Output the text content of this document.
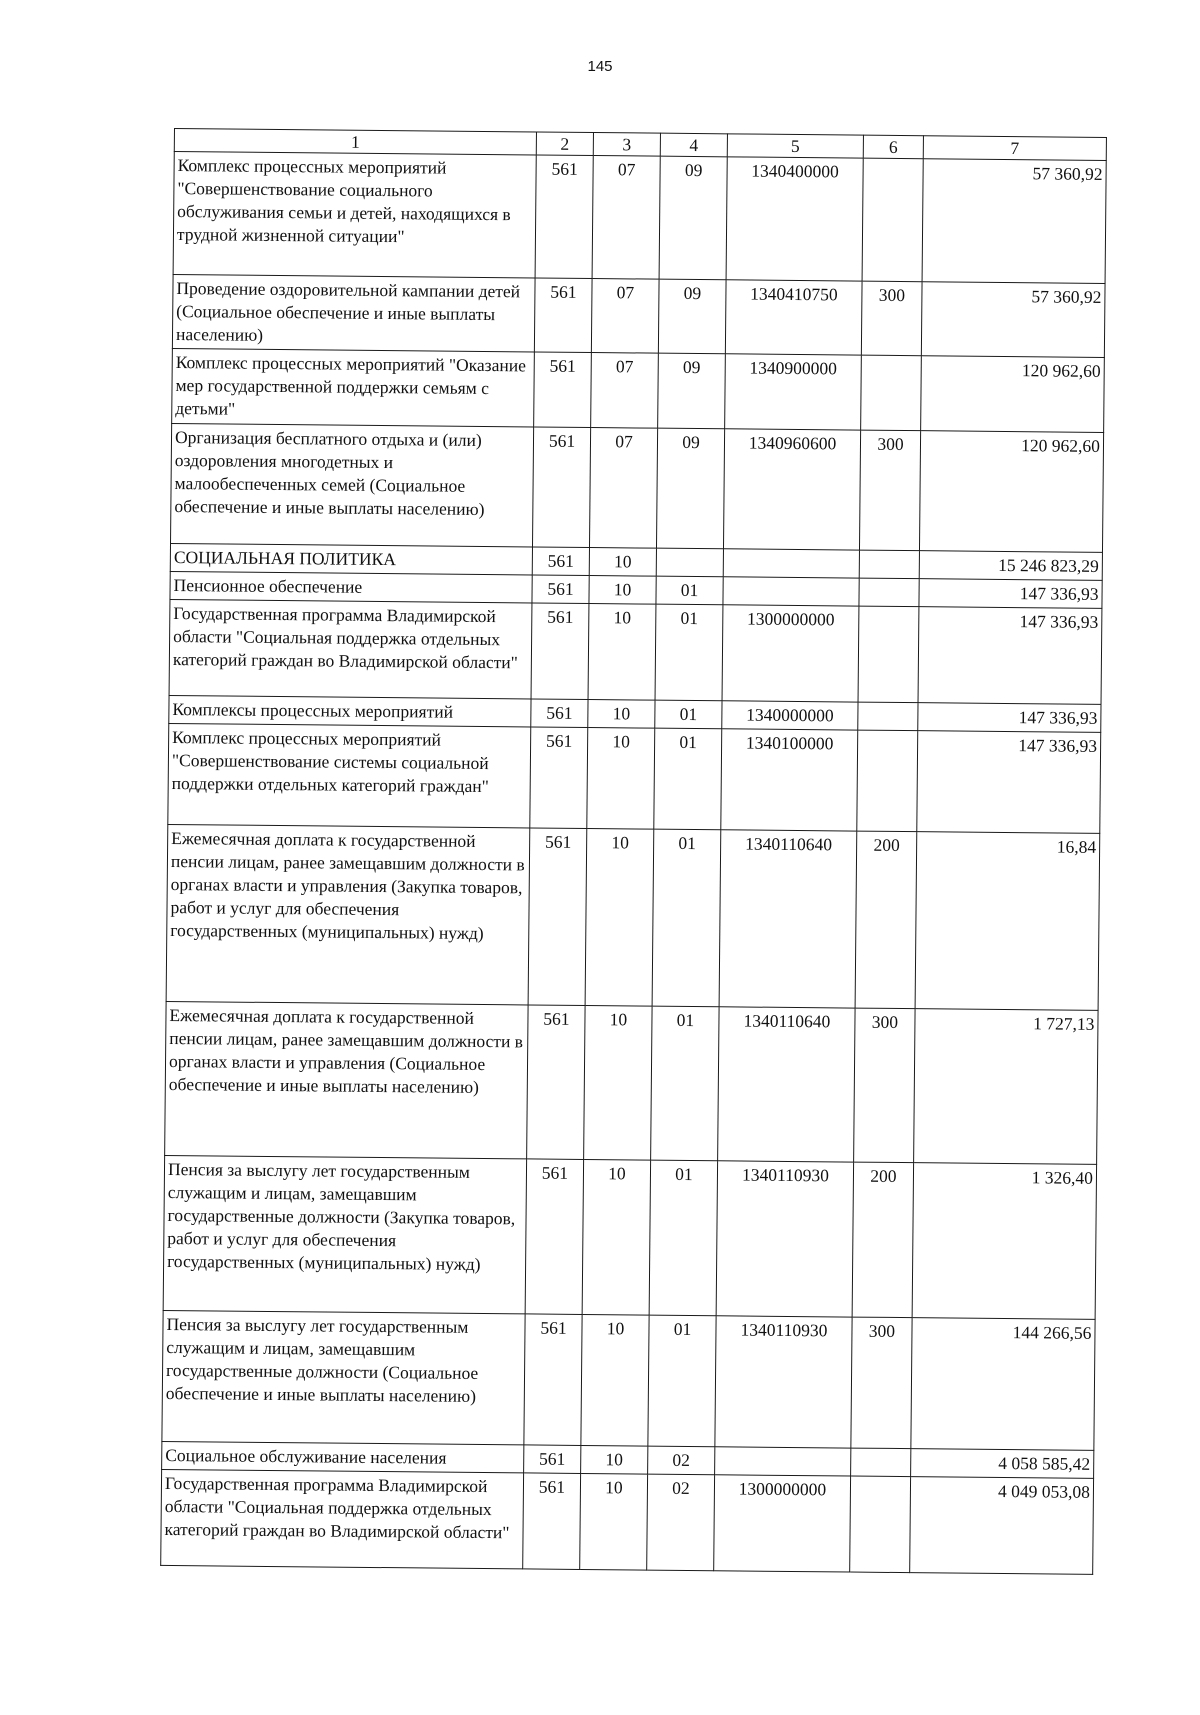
145
1	2	3	4	5	6	7
Комплекс процессных мероприятий "Совершенствование социального обслуживания семьи и детей, находящихся в трудной жизненной ситуации"	561	07	09	1340400000		57 360,92
Проведение оздоровительной кампании детей (Социальное обеспечение и иные выплаты населению)	561	07	09	1340410750	300	57 360,92
Комплекс процессных мероприятий "Оказание мер государственной поддержки семьям с детьми"	561	07	09	1340900000		120 962,60
Организация бесплатного отдыха и (или) оздоровления многодетных и малообеспеченных семей (Социальное обеспечение и иные выплаты населению)	561	07	09	1340960600	300	120 962,60
СОЦИАЛЬНАЯ ПОЛИТИКА	561	10				15 246 823,29
Пенсионное обеспечение	561	10	01			147 336,93
Государственная программа Владимирской области "Социальная поддержка отдельных категорий граждан во Владимирской области"	561	10	01	1300000000		147 336,93
Комплексы процессных мероприятий	561	10	01	1340000000		147 336,93
Комплекс процессных мероприятий "Совершенствование системы социальной поддержки отдельных категорий граждан"	561	10	01	1340100000		147 336,93
Ежемесячная доплата к государственной пенсии лицам, ранее замещавшим должности в органах власти и управления (Закупка товаров, работ и услуг для обеспечения государственных (муниципальных) нужд)	561	10	01	1340110640	200	16,84
Ежемесячная доплата к государственной пенсии лицам, ранее замещавшим должности в органах власти и управления (Социальное обеспечение и иные выплаты населению)	561	10	01	1340110640	300	1 727,13
Пенсия за выслугу лет государственным служащим и лицам, замещавшим государственные должности (Закупка товаров, работ и услуг для обеспечения государственных (муниципальных) нужд)	561	10	01	1340110930	200	1 326,40
Пенсия за выслугу лет государственным служащим и лицам, замещавшим государственные должности (Социальное обеспечение и иные выплаты населению)	561	10	01	1340110930	300	144 266,56
Социальное обслуживание населения	561	10	02			4 058 585,42
Государственная программа Владимирской области "Социальная поддержка отдельных категорий граждан во Владимирской области"	561	10	02	1300000000		4 049 053,08
